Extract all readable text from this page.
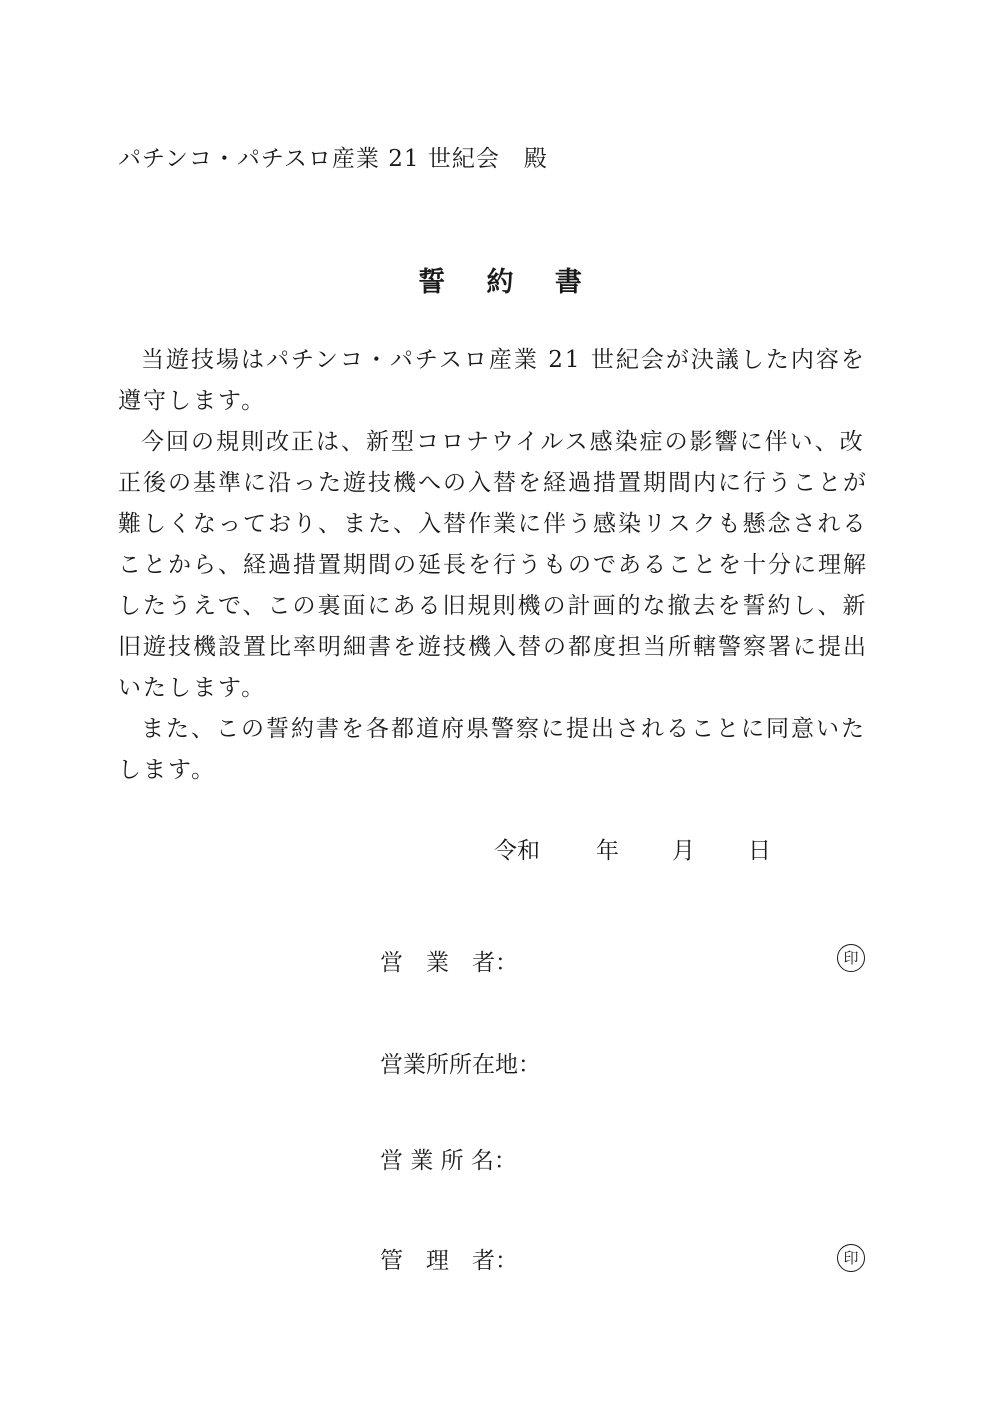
パチンコ・パチスロ産業 21 世紀会　殿
誓 約 書

当遊技場はパチンコ・パチスロ産業 21 世紀会が決議した内容を遵守します。

今回の規則改正は、新型コロナウイルス感染症の影響に伴い、改正後の基準に沿った遊技機への入替を経過措置期間内に行うことが難しくなっており、また、入替作業に伴う感染リスクも懸念されることから、経過措置期間の延長を行うものであることを十分に理解したうえで、この裏面にある旧規則機の計画的な撤去を誓約し、新旧遊技機設置比率明細書を遊技機入替の都度担当所轄警察署に提出いたします。

また、この誓約書を各都道府県警察に提出されることに同意いたします。

令和 年 月 日
営　業　者：	印
営業所所在地：
営 業 所 名：
管　理　者：	印
